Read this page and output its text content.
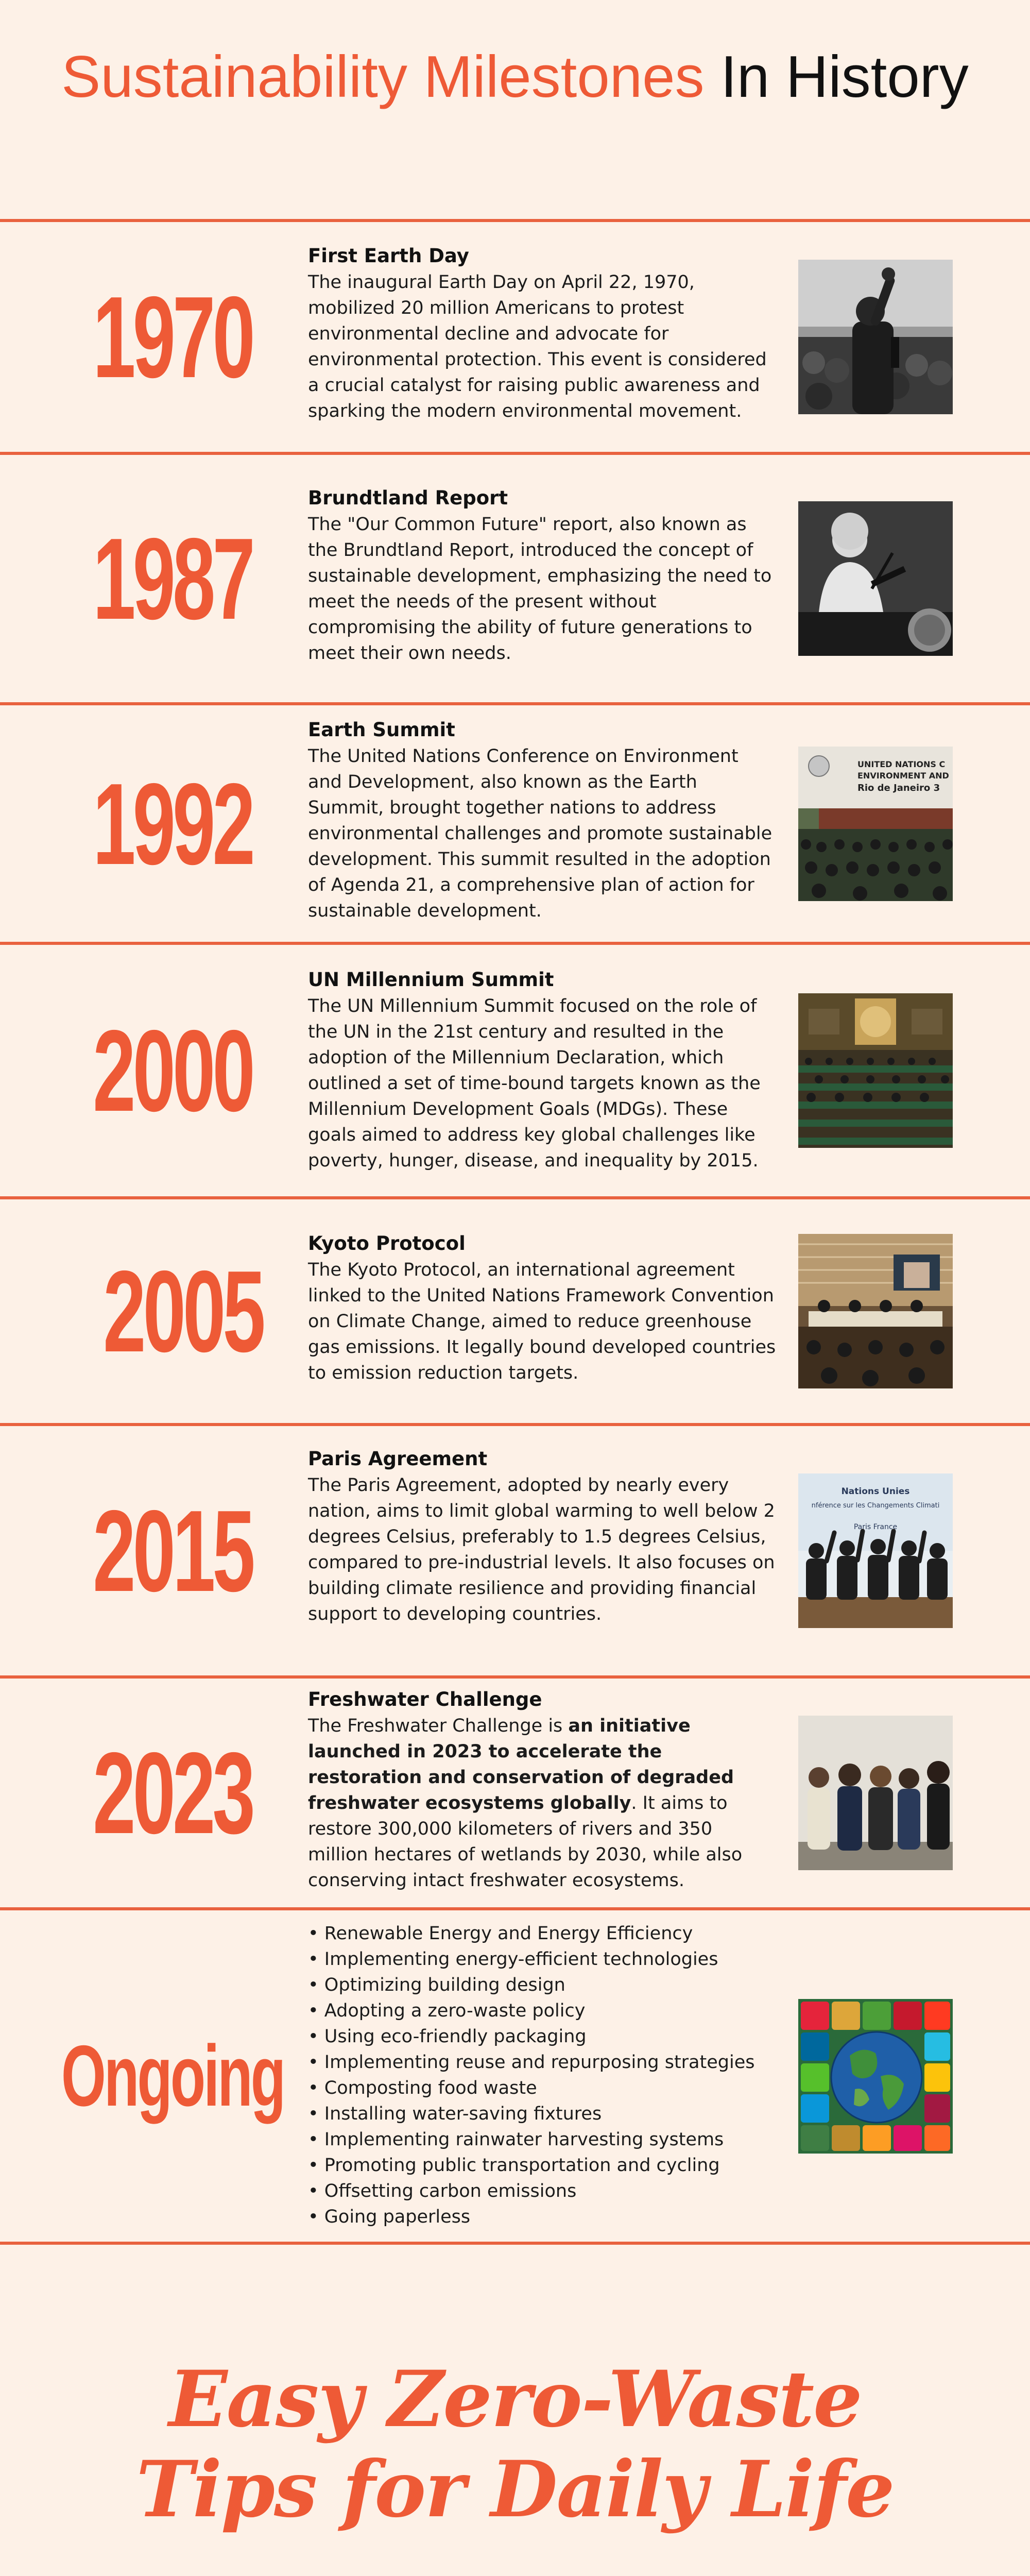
Sustainability Milestones In History
1970
First Earth Day
The inaugural Earth Day on April 22, 1970, mobilized 20 million Americans to protest environmental decline and advocate for environmental protection. This event is considered a crucial catalyst for raising public awareness and sparking the modern environmental movement.
1987
Brundtland Report
The "Our Common Future" report, also known as the Brundtland Report, introduced the concept of sustainable development, emphasizing the need to meet the needs of the present without compromising the ability of future generations to meet their own needs.
1992
Earth Summit
The United Nations Conference on Environment and Development, also known as the Earth Summit, brought together nations to address environmental challenges and promote sustainable development. This summit resulted in the adoption of Agenda 21, a comprehensive plan of action for sustainable development.
UNITED NATIONS C
ENVIRONMENT AND
Rio de Janeiro 3
2000
UN Millennium Summit
The UN Millennium Summit focused on the role of the UN in the 21st century and resulted in the adoption of the Millennium Declaration, which outlined a set of time-bound targets known as the Millennium Development Goals (MDGs). These goals aimed to address key global challenges like poverty, hunger, disease, and inequality by 2015.
2005
Kyoto Protocol
The Kyoto Protocol, an international agreement linked to the United Nations Framework Convention on Climate Change, aimed to reduce greenhouse gas emissions. It legally bound developed countries to emission reduction targets.
2015
Paris Agreement
The Paris Agreement, adopted by nearly every nation, aims to limit global warming to well below 2 degrees Celsius, preferably to 1.5 degrees Celsius, compared to pre-industrial levels. It also focuses on building climate resilience and providing financial support to developing countries.
Nations Unies
nférence sur les Changements Climati
Paris France
2023
Freshwater Challenge
The Freshwater Challenge is an initiative launched in 2023 to accelerate the restoration and conservation of degraded freshwater ecosystems globally. It aims to restore 300,000 kilometers of rivers and 350 million hectares of wetlands by 2030, while also conserving intact freshwater ecosystems.
Ongoing
• Renewable Energy and Energy Efficiency
• Implementing energy-efficient technologies
• Optimizing building design
• Adopting a zero-waste policy
• Using eco-friendly packaging
• Implementing reuse and repurposing strategies
• Composting food waste
• Installing water-saving fixtures
• Implementing rainwater harvesting systems
• Promoting public transportation and cycling
• Offsetting carbon emissions
• Going paperless
Easy Zero-Waste
Tips for Daily Life
